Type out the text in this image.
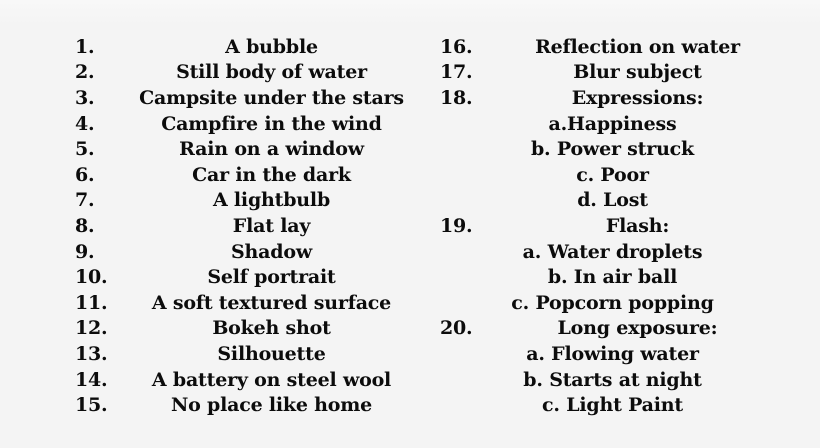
1.	A bubble
2.	Still body of water
3.	Campsite under the stars
4.	Campfire in the wind
5.	Rain on a window
6.	Car in the dark
7.	A lightbulb
8.	Flat lay
9.	Shadow
10.	Self portrait
11.	A soft textured surface
12.	Bokeh shot
13.	Silhouette
14.	A battery on steel wool
15.	No place like home
16.	Reflection on water
17.	Blur subject
18.	Expressions:
a.Happiness
b. Power struck
c. Poor
d. Lost
19.	Flash:
a. Water droplets
b. In air ball
c. Popcorn popping
20.	Long exposure:
a. Flowing water
b. Starts at night
c. Light Paint
